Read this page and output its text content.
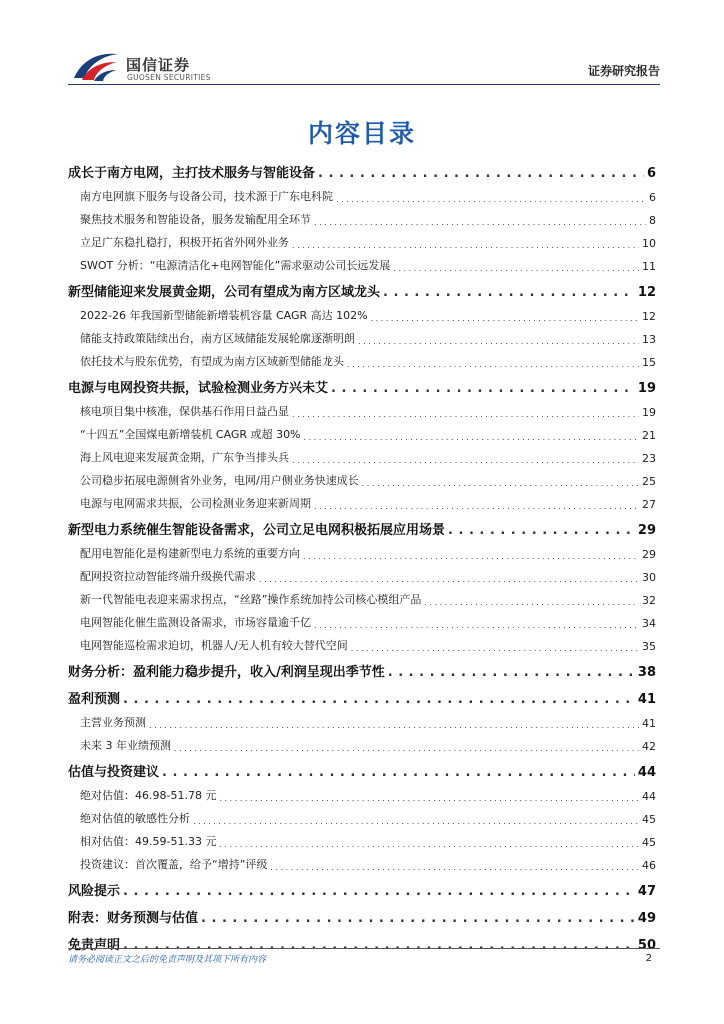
国信证券
GUOSEN SECURITIES	证券研究报告
内容目录
成长于南方电网，主打技术服务与智能设备 . . .	6
南方电网旗下服务与设备公司，技术源于广东电科院 . . .	6
聚焦技术服务和智能设备，服务发输配用全环节 . . .	8
立足广东稳扎稳打，积极开拓省外网外业务 . . .	10
SWOT 分析：“电源清洁化+电网智能化”需求驱动公司长远发展 . . .	11
新型储能迎来发展黄金期，公司有望成为南方区域龙头 . . .	12
2022-26 年我国新型储能新增装机容量 CAGR 高达 102% . . .	12
储能支持政策陆续出台，南方区域储能发展轮廓逐渐明朗 . . .	13
依托技术与股东优势，有望成为南方区域新型储能龙头 . . .	15
电源与电网投资共振，试验检测业务方兴未艾 . . .	19
核电项目集中核准，保供基石作用日益凸显 . . .	19
“十四五”全国煤电新增装机 CAGR 或超 30% . . .	21
海上风电迎来发展黄金期，广东争当排头兵 . . .	23
公司稳步拓展电源侧省外业务，电网/用户侧业务快速成长 . . .	25
电源与电网需求共振，公司检测业务迎来新周期 . . .	27
新型电力系统催生智能设备需求，公司立足电网积极拓展应用场景 . . .	29
配用电智能化是构建新型电力系统的重要方向 . . .	29
配网投资拉动智能终端升级换代需求 . . .	30
新一代智能电表迎来需求拐点，“丝路”操作系统加持公司核心模组产品 . . .	32
电网智能化催生监测设备需求，市场容量逾千亿 . . .	34
电网智能巡检需求迫切，机器人/无人机有较大替代空间 . . .	35
财务分析：盈利能力稳步提升，收入/利润呈现出季节性 . . .	38
盈利预测 . . .	41
主营业务预测 . . .	41
未来 3 年业绩预测 . . .	42
估值与投资建议 . . .	44
绝对估值：46.98-51.78 元 . . .	44
绝对估值的敏感性分析 . . .	45
相对估值：49.59-51.33 元 . . .	45
投资建议：首次覆盖，给予“增持”评级 . . .	46
风险提示 . . .	47
附表：财务预测与估值 . . .	49
免责声明 . . .	50
请务必阅读正文之后的免责声明及其项下所有内容	2
